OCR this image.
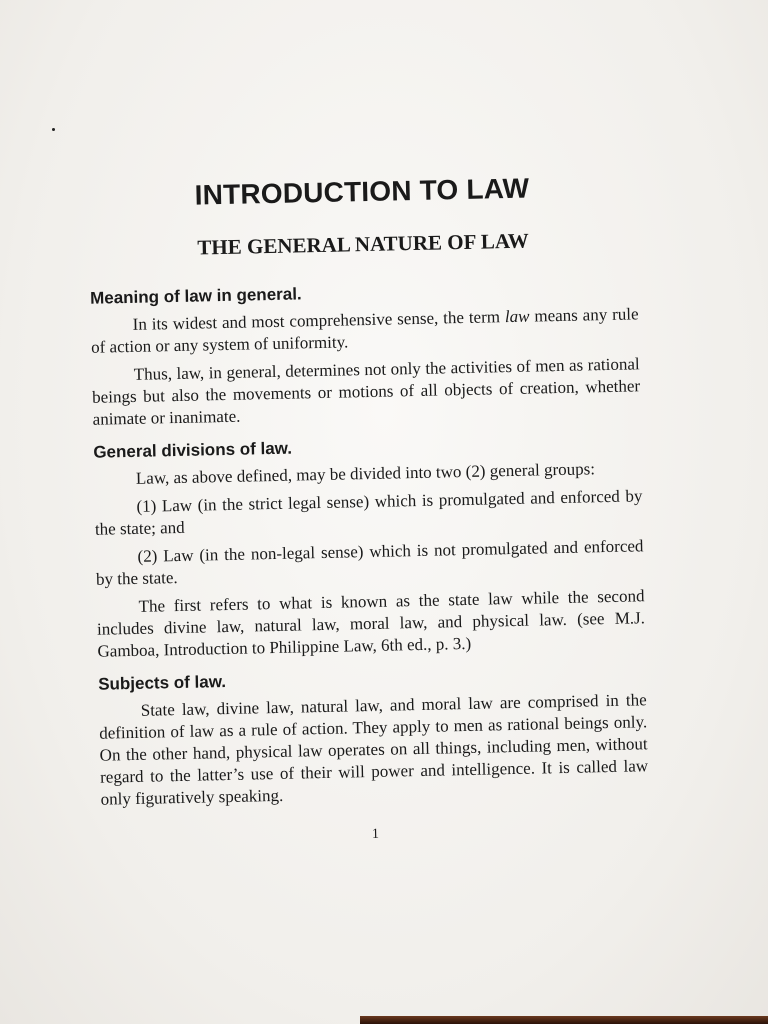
INTRODUCTION TO LAW
THE GENERAL NATURE OF LAW
Meaning of law in general.

In its widest and most comprehensive sense, the term law means any rule of action or any system of uniformity.

Thus, law, in general, determines not only the activities of men as rational beings but also the movements or motions of all objects of creation, whether animate or inanimate.

General divisions of law.

Law, as above defined, may be divided into two (2) general groups:

(1) Law (in the strict legal sense) which is promulgated and enforced by the state; and

(2) Law (in the non-legal sense) which is not promulgated and enforced by the state.

The first refers to what is known as the state law while the second includes divine law, natural law, moral law, and physical law. (see M.J. Gamboa, Introduction to Philippine Law, 6th ed., p. 3.)

Subjects of law.

State law, divine law, natural law, and moral law are comprised in the definition of law as a rule of action. They apply to men as rational beings only. On the other hand, physical law operates on all things, including men, without regard to the latter’s use of their will power and intelligence. It is called law only figuratively speaking.

1
